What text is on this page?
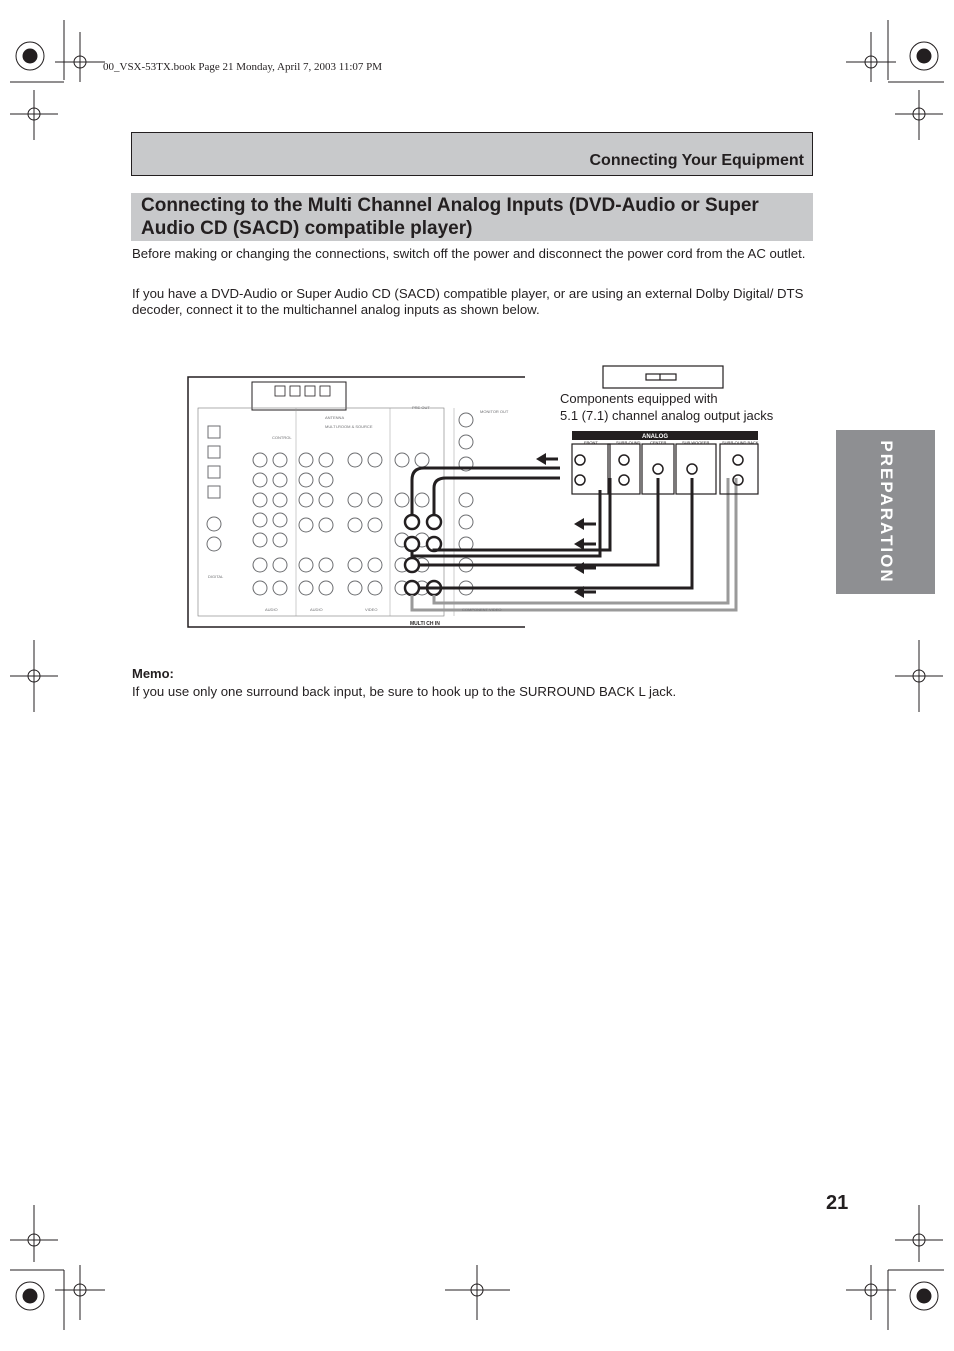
00_VSX-53TX.book Page 21 Monday, April 7, 2003 11:07 PM
Connecting Your Equipment
Connecting to the Multi Channel Analog Inputs (DVD-Audio or Super Audio CD (SACD) compatible player)
Before making or changing the connections, switch off the power and disconnect the power cord from the AC outlet.
If you have a DVD-Audio or Super Audio CD (SACD) compatible player, or are using an external Dolby Digital/ DTS decoder, connect it to the multichannel analog inputs as shown below.
PREPARATION
ANALOG
FRONT	SURR-OUND CENTER	SUB WOOFER	SURR-OUND BACK
MULTI CH IN
AUDIO	AUDIO	VIDEO
DIGITAL
ANTENNA
PRE OUT
COMPONENT VIDEO
CONTROL
MULTI-ROOM & SOURCE
MONITOR OUT
Components equipped with
5.1 (7.1) channel analog output jacks
Memo:
If you use only one surround back input, be sure to hook up to the SURROUND BACK L jack.
21
